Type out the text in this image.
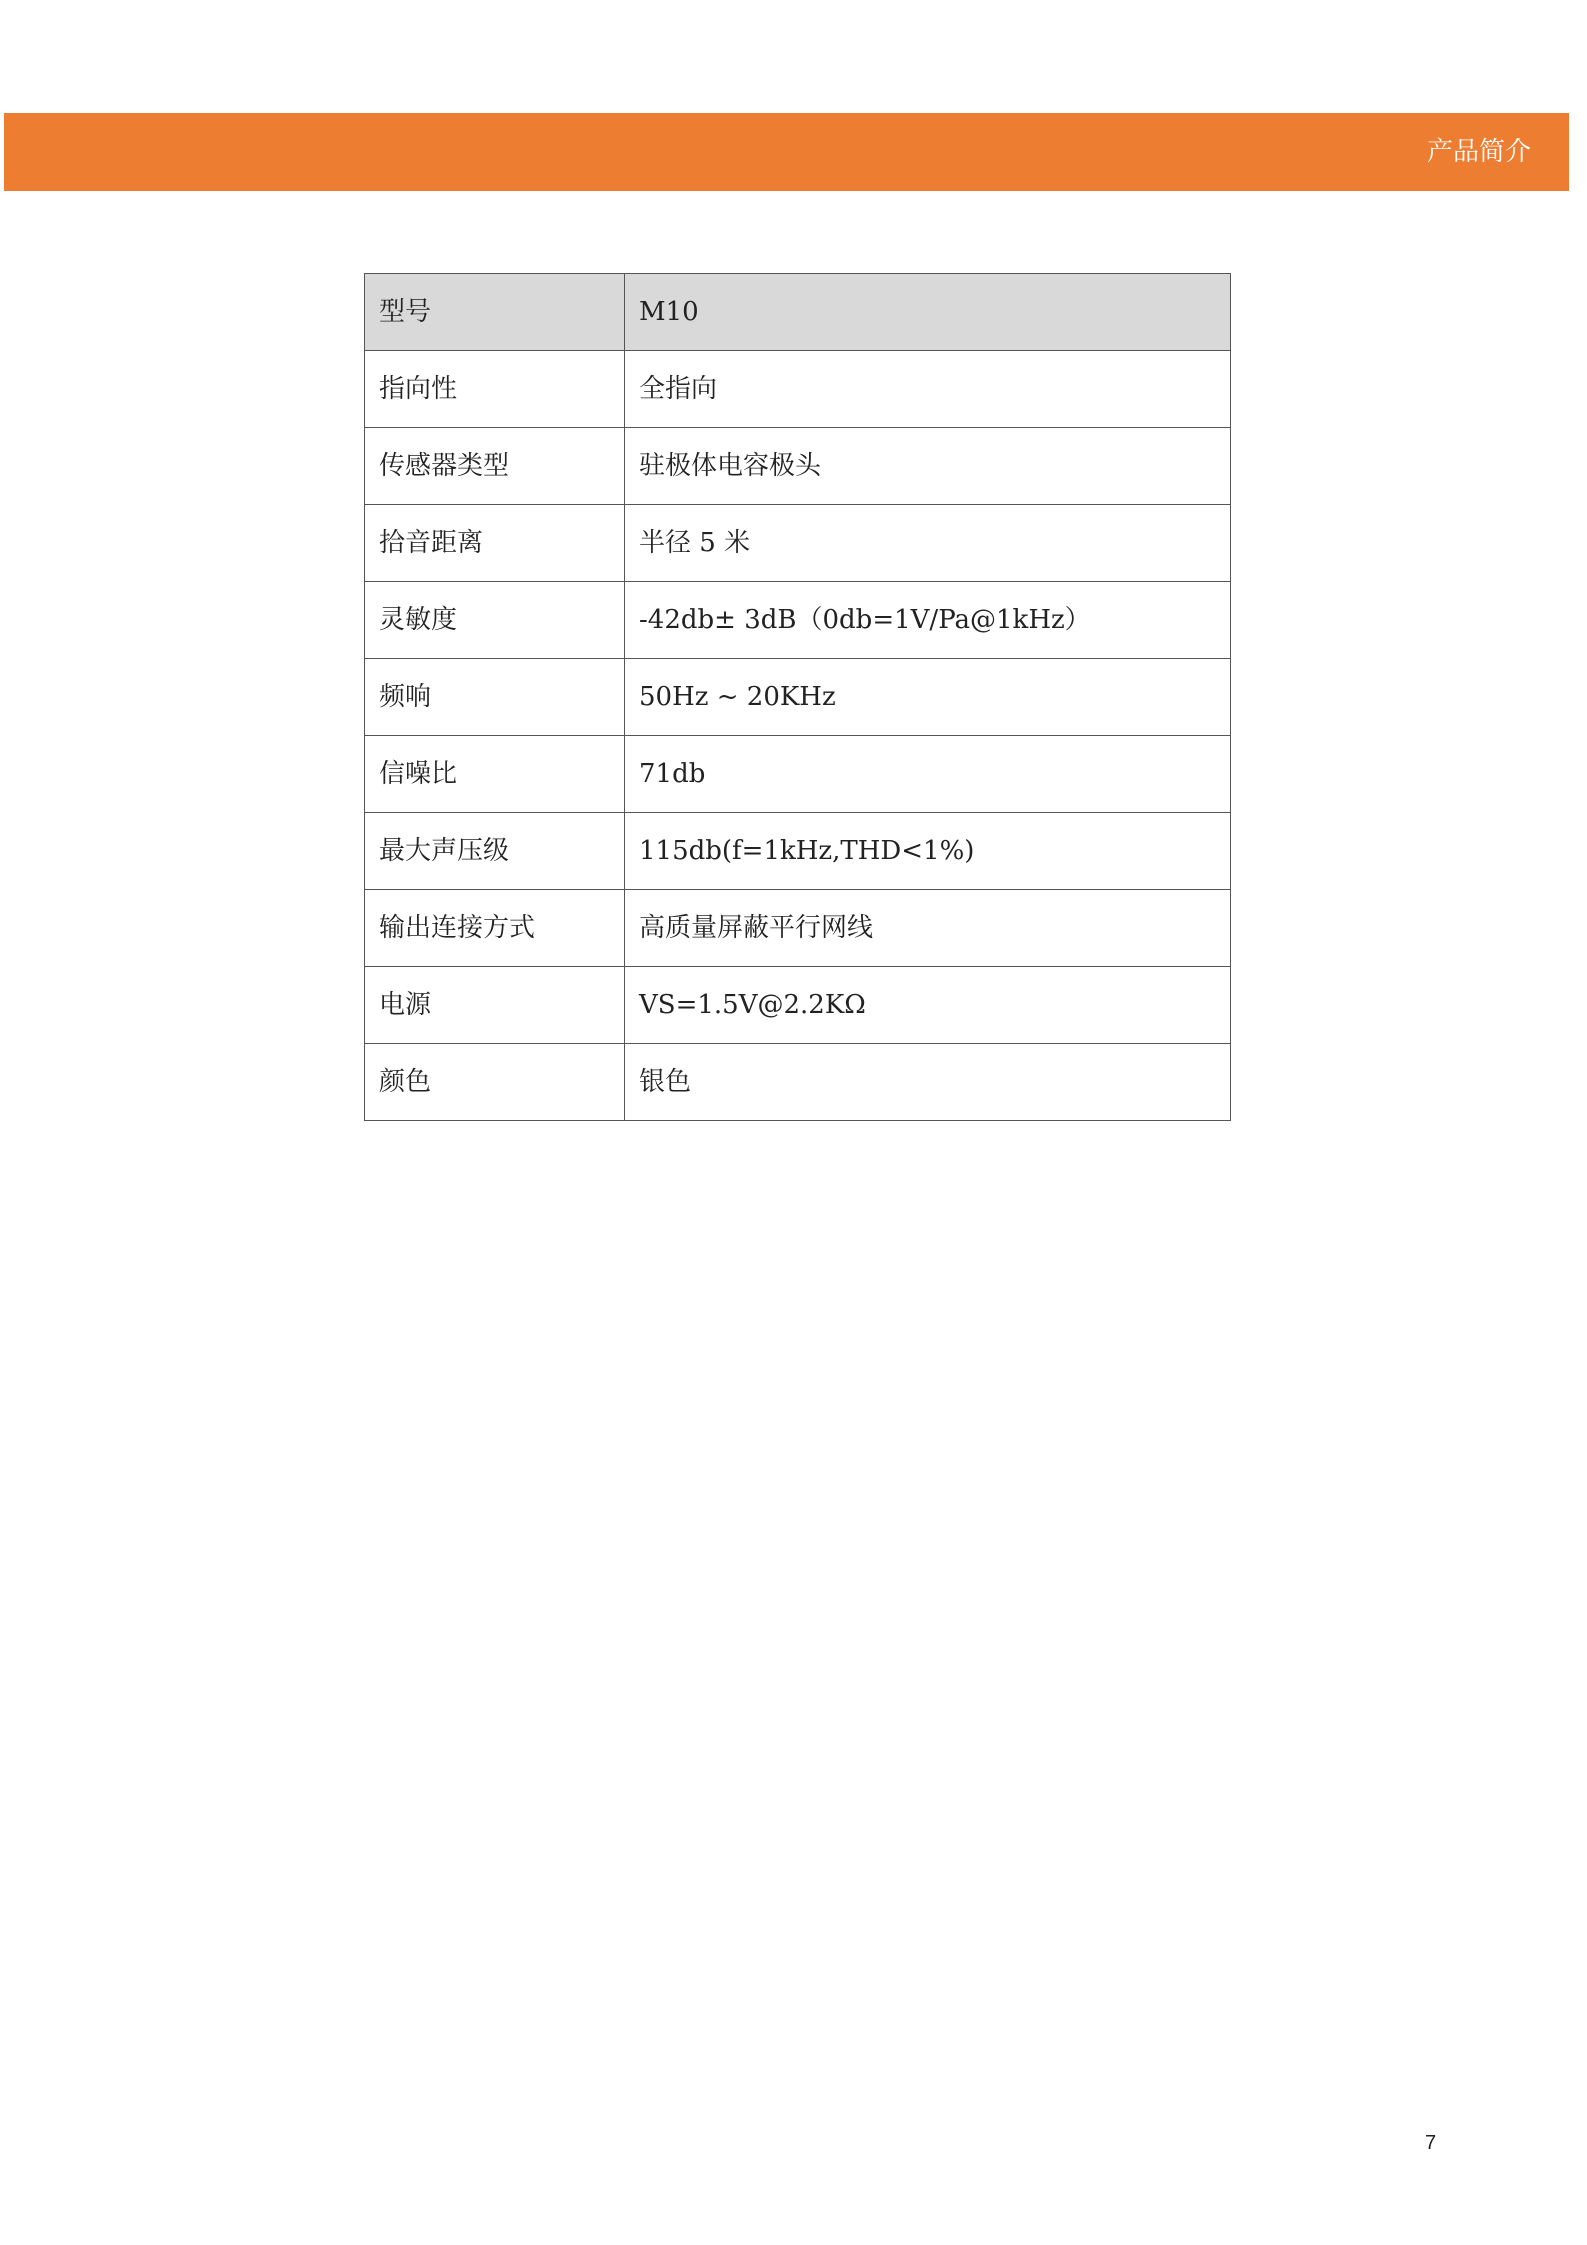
产品简介
型号	M10
指向性	全指向
传感器类型	驻极体电容极头
拾音距离	半径 5 米
灵敏度	-42db± 3dB（0db=1V/Pa@1kHz）
频响	50Hz ~ 20KHz
信噪比	71db
最大声压级	115db(f=1kHz,THD<1%)
输出连接方式	高质量屏蔽平行网线
电源	VS=1.5V@2.2KΩ
颜色	银色
7
